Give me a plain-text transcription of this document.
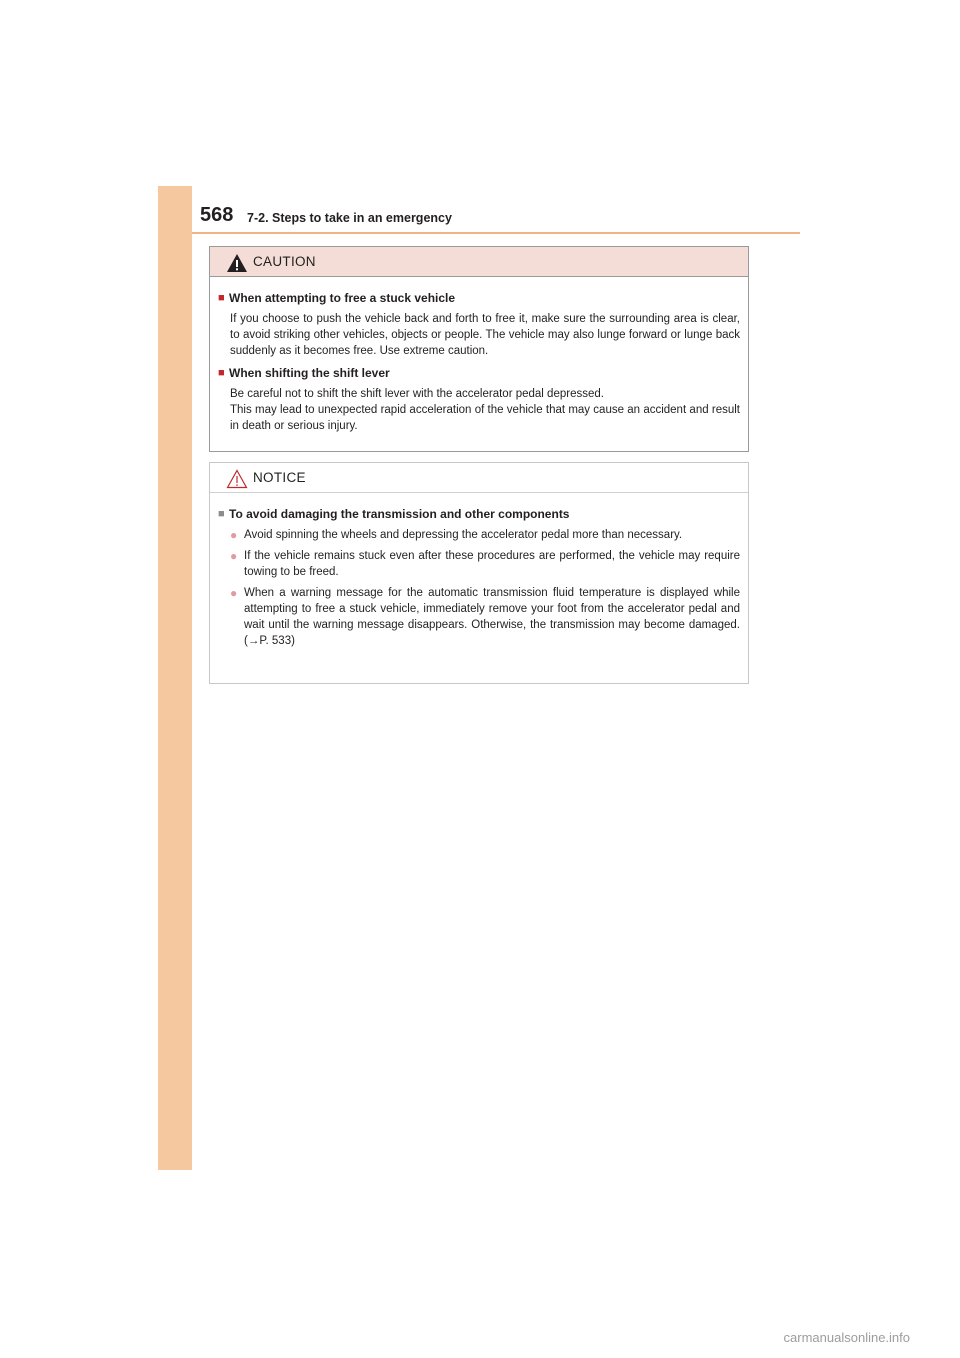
568 7-2. Steps to take in an emergency
CAUTION
■ When attempting to free a stuck vehicle
If you choose to push the vehicle back and forth to free it, make sure the surrounding area is clear, to avoid striking other vehicles, objects or people. The vehicle may also lunge forward or lunge back suddenly as it becomes free. Use extreme caution.
■ When shifting the shift lever
Be careful not to shift the shift lever with the accelerator pedal depressed.
This may lead to unexpected rapid acceleration of the vehicle that may cause an accident and result in death or serious injury.
NOTICE
■ To avoid damaging the transmission and other components
● Avoid spinning the wheels and depressing the accelerator pedal more than necessary.
● If the vehicle remains stuck even after these procedures are performed, the vehicle may require towing to be freed.
● When a warning message for the automatic transmission fluid temperature is displayed while attempting to free a stuck vehicle, immediately remove your foot from the accelerator pedal and wait until the warning message disappears. Otherwise, the transmission may become damaged. (→P. 533)
carmanualsonline.info
